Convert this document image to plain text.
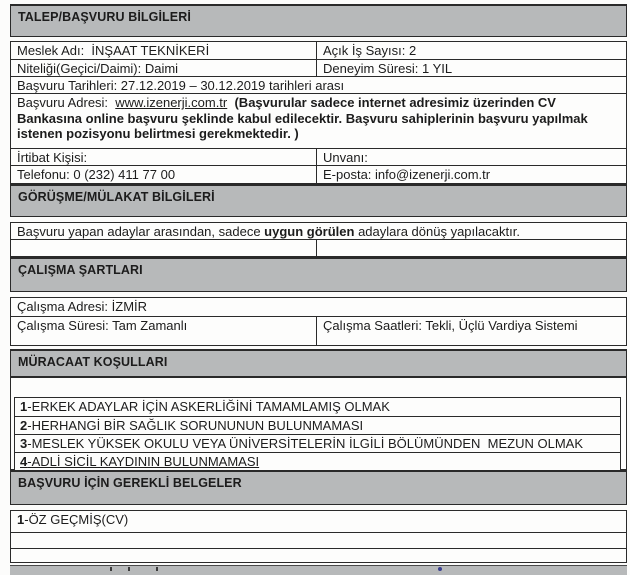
TALEP/BAŞVURU BİLGİLERİ
Meslek Adı:  İNŞAAT TEKNİKERİ	Açık İş Sayısı: 2
Niteliği(Geçici/Daimi): Daimi	Deneyim Süresi: 1 YIL
Başvuru Tarihleri: 27.12.2019 – 30.12.2019 tarihleri arası
Başvuru Adresi:  www.izenerji.com.tr  (Başvurular sadece internet adresimiz üzerinden CV Bankasına online başvuru şeklinde kabul edilecektir. Başvuru sahiplerinin başvuru yapılmak istenen pozisyonu belirtmesi gerekmektedir. )
İrtibat Kişisi:	Unvanı:
Telefonu: 0 (232) 411 77 00	E-posta: info@izenerji.com.tr
GÖRÜŞME/MÜLAKAT BİLGİLERİ
Başvuru yapan adaylar arasından, sadece uygun görülen adaylara dönüş yapılacaktır.
ÇALIŞMA ŞARTLARI
Çalışma Adresi: İZMİR
Çalışma Süresi: Tam Zamanlı	Çalışma Saatleri: Tekli, Üçlü Vardiya Sistemi
MÜRACAAT KOŞULLARI
1-ERKEK ADAYLAR İÇİN ASKERLİĞİNİ TAMAMLAMIŞ OLMAK
2-HERHANGİ BİR SAĞLIK SORUNUNUN BULUNMAMASI
3-MESLEK YÜKSEK OKULU VEYA ÜNİVERSİTELERİN İLGİLİ BÖLÜMÜNDEN  MEZUN OLMAK
4-ADLİ SİCİL KAYDININ BULUNMAMASI
BAŞVURU İÇİN GEREKLİ BELGELER
1-ÖZ GEÇMİŞ(CV)
